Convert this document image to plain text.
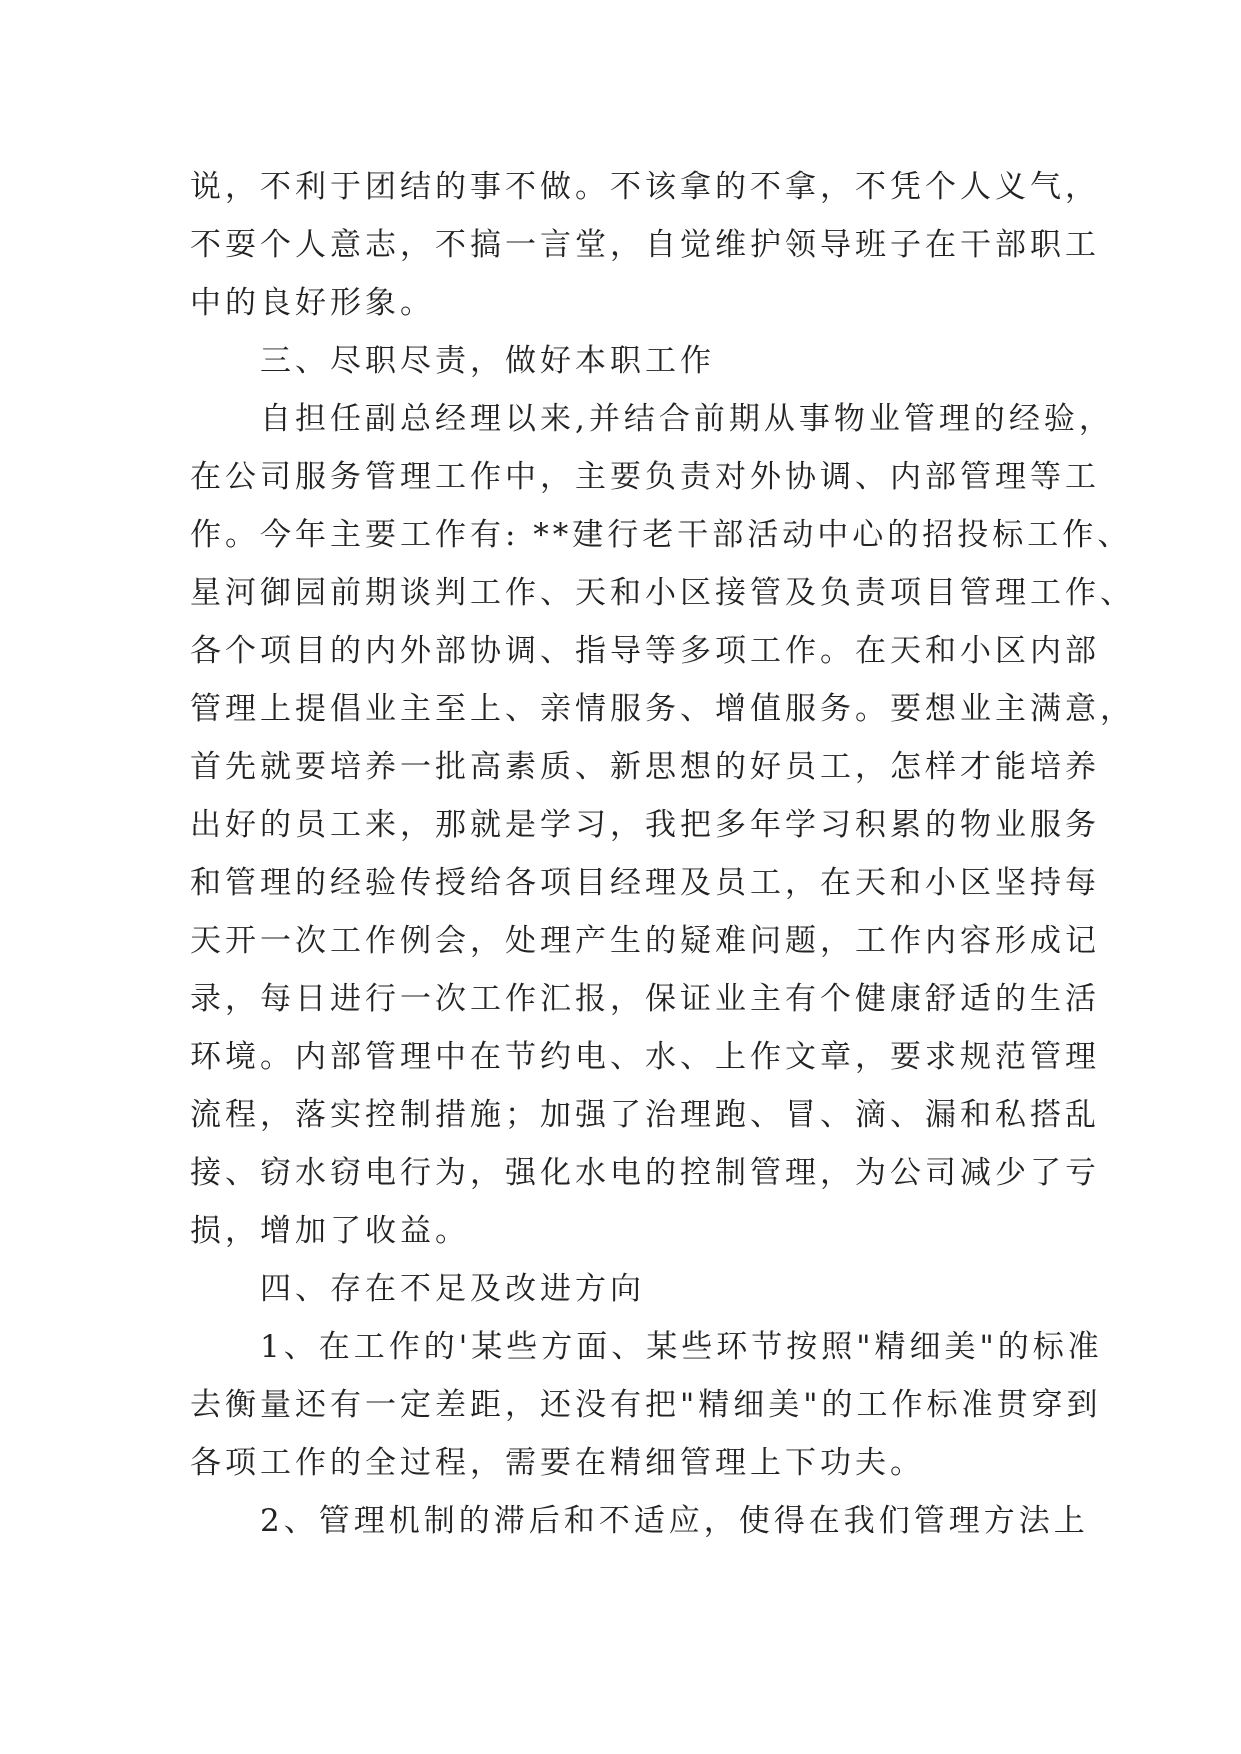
说，不利于团结的事不做。不该拿的不拿，不凭个人义气，
不耍个人意志，不搞一言堂，自觉维护领导班子在干部职工
中的良好形象。
　　三、尽职尽责，做好本职工作
　　自担任副总经理以来,并结合前期从事物业管理的经验，
在公司服务管理工作中，主要负责对外协调、内部管理等工
作。今年主要工作有: **建行老干部活动中心的招投标工作、
星河御园前期谈判工作、天和小区接管及负责项目管理工作、
各个项目的内外部协调、指导等多项工作。在天和小区内部
管理上提倡业主至上、亲情服务、增值服务。要想业主满意，
首先就要培养一批高素质、新思想的好员工，怎样才能培养
出好的员工来，那就是学习，我把多年学习积累的物业服务
和管理的经验传授给各项目经理及员工，在天和小区坚持每
天开一次工作例会，处理产生的疑难问题，工作内容形成记
录，每日进行一次工作汇报，保证业主有个健康舒适的生活
环境。内部管理中在节约电、水、上作文章，要求规范管理
流程，落实控制措施；加强了治理跑、冒、滴、漏和私搭乱
接、窃水窃电行为，强化水电的控制管理，为公司减少了亏
损，增加了收益。
　　四、存在不足及改进方向
　　1、在工作的'某些方面、某些环节按照"精细美"的标准
去衡量还有一定差距，还没有把"精细美"的工作标准贯穿到
各项工作的全过程，需要在精细管理上下功夫。
　　2、管理机制的滞后和不适应，使得在我们管理方法上
